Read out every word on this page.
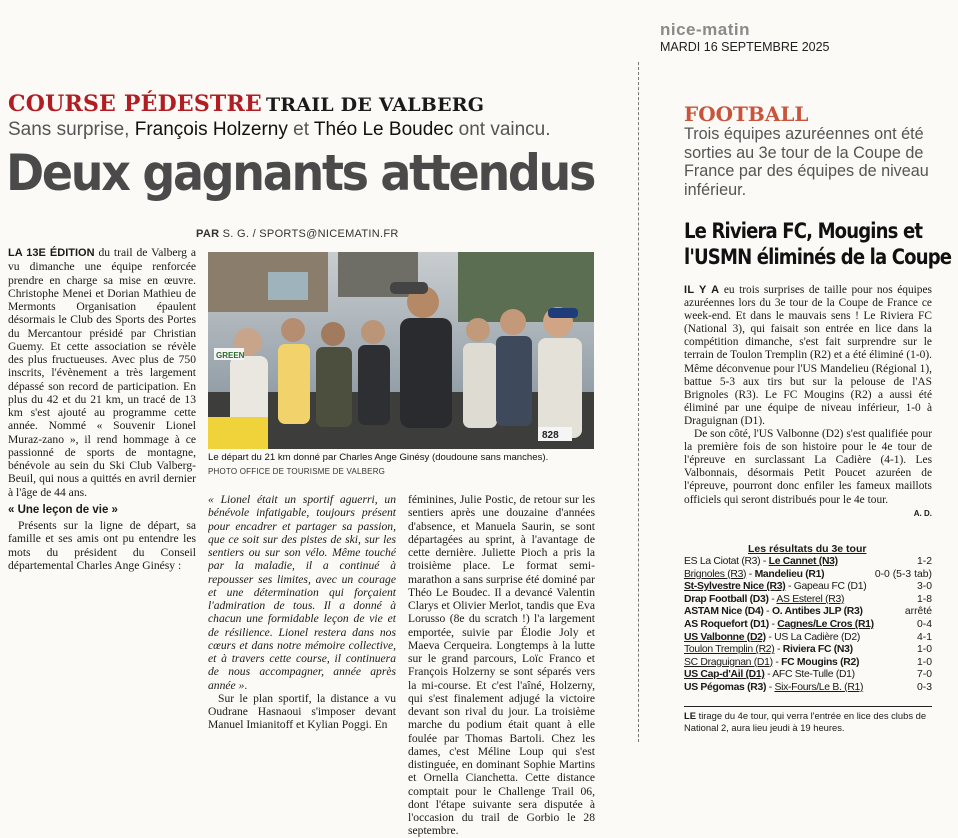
nice-matin
MARDI 16 SEPTEMBRE 2025
COURSE PÉDESTRE TRAIL DE VALBERG
Sans surprise, François Holzerny et Théo Le Boudec ont vaincu.
Deux gagnants attendus
PAR S. G. / SPORTS@NICEMATIN.FR

LA 13E ÉDITION du trail de Valberg a vu dimanche une équipe renforcée prendre en charge sa mise en œuvre. Christophe Menei et Dorian Mathieu de Mermonts Organisation épaulent désormais le Club des Sports des Portes du Mercantour présidé par Christian Guemy. Et cette association se révèle des plus fructueuses. Avec plus de 750 inscrits, l'évènement a très largement dépassé son record de participation. En plus du 42 et du 21 km, un tracé de 13 km s'est ajouté au programme cette année. Nommé « Souvenir Lionel Muraz-zano », il rend hommage à ce passionné de sports de montagne, bénévole au sein du Ski Club Valberg-Beuil, qui nous a quittés en avril dernier à l'âge de 44 ans.

« Une leçon de vie »

Présents sur la ligne de départ, sa famille et ses amis ont pu entendre les mots du président du Conseil départemental Charles Ange Ginésy :

GREEN
828
Le départ du 21 km donné par Charles Ange Ginésy (doudoune sans manches).
PHOTO OFFICE DE TOURISME DE VALBERG

« Lionel était un sportif aguerri, un bénévole infatigable, toujours présent pour encadrer et partager sa passion, que ce soit sur des pistes de ski, sur les sentiers ou sur son vélo. Même touché par la maladie, il a continué à repousser ses limites, avec un courage et une détermination qui forçaient l'admiration de tous. Il a donné à chacun une formidable leçon de vie et de résilience. Lionel restera dans nos cœurs et dans notre mémoire collective, et à travers cette course, il continuera de nous accompagner, année après année ».

Sur le plan sportif, la distance a vu Oudrane Hasnaoui s'imposer devant Manuel Imianitoff et Kylian Poggi. En

féminines, Julie Postic, de retour sur les sentiers après une douzaine d'années d'absence, et Manuela Saurin, se sont départagées au sprint, à l'avantage de cette dernière. Juliette Pioch a pris la troisième place. Le format semi-marathon a sans surprise été dominé par Théo Le Boudec. Il a devancé Valentin Clarys et Olivier Merlot, tandis que Eva Lorusso (8e du scratch !) l'a largement emportée, suivie par Élodie Joly et Maeva Cerqueira. Longtemps à la lutte sur le grand parcours, Loïc Franco et François Holzerny se sont séparés vers la mi-course. Et c'est l'aîné, Holzerny, qui s'est finalement adjugé la victoire devant son rival du jour. La troisième marche du podium était quant à elle foulée par Thomas Bartoli. Chez les dames, c'est Méline Loup qui s'est distinguée, en dominant Sophie Martins et Ornella Cianchetta. Cette distance comptait pour le Challenge Trail 06, dont l'étape suivante sera disputée à l'occasion du trail de Gorbio le 28 septembre.

FOOTBALL
Trois équipes azuréennes ont été sorties au 3e tour de la Coupe de France par des équipes de niveau inférieur.
Le Riviera FC, Mougins et
l'USMN éliminés de la Coupe

IL Y A eu trois surprises de taille pour nos équipes azuréennes lors du 3e tour de la Coupe de France ce week-end. Et dans le mauvais sens ! Le Riviera FC (National 3), qui faisait son entrée en lice dans la compétition dimanche, s'est fait surprendre sur le terrain de Toulon Tremplin (R2) et a été éliminé (1-0). Même déconvenue pour l'US Mandelieu (Régional 1), battue 5-3 aux tirs but sur la pelouse de l'AS Brignoles (R3). Le FC Mougins (R2) a aussi été éliminé par une équipe de niveau inférieur, 1-0 à Draguignan (D1).

De son côté, l'US Valbonne (D2) s'est qualifiée pour la première fois de son histoire pour le 4e tour de l'épreuve en surclassant La Cadière (4-1). Les Valbonnais, désormais Petit Poucet azuréen de l'épreuve, pourront donc enfiler les fameux maillots officiels qui seront distribués pour le 4e tour.

A. D.

Les résultats du 3e tour
ES La Ciotat (R3) - Le Cannet (N3)	1-2
Brignoles (R3) - Mandelieu (R1)	0-0 (5-3 tab)
St-Sylvestre Nice (R3) - Gapeau FC (D1)	3-0
Drap Football (D3) - AS Esterel (R3)	1-8
ASTAM Nice (D4) - O. Antibes JLP (R3)	arrêté
AS Roquefort (D1) - Cagnes/Le Cros (R1)	0-4
US Valbonne (D2) - US La Cadière (D2)	4-1
Toulon Tremplin (R2) - Riviera FC (N3)	1-0
SC Draguignan (D1) - FC Mougins (R2)	1-0
US Cap-d'Ail (D1) - AFC Ste-Tulle (D1)	7-0
US Pégomas (R3) - Six-Fours/Le B. (R1)	0-3
LE tirage du 4e tour, qui verra l'entrée en lice des clubs de National 2, aura lieu jeudi à 19 heures.
